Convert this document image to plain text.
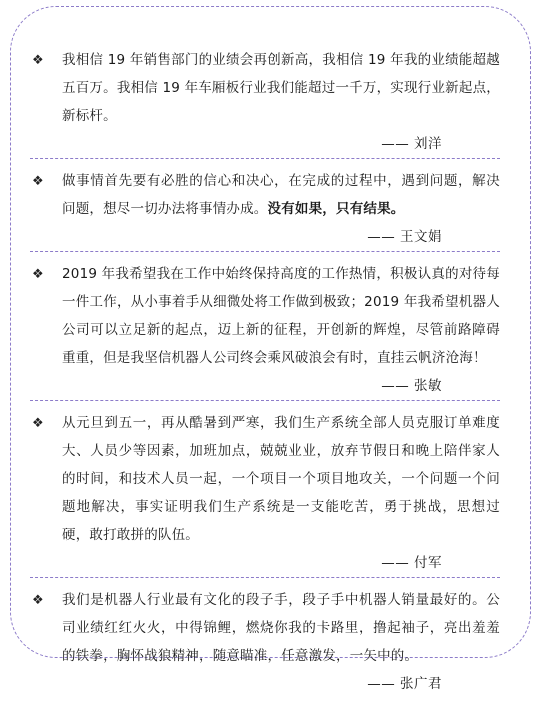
❖ 我相信 19 年销售部门的业绩会再创新高，我相信 19 年我的业绩能超越五百万。我相信 19 年车厢板行业我们能超过一千万，实现行业新起点，新标杆。
—— 刘洋
❖ 做事情首先要有必胜的信心和决心，在完成的过程中，遇到问题，解决问题，想尽一切办法将事情办成。没有如果，只有结果。
—— 王文娟
❖ 2019 年我希望我在工作中始终保持高度的工作热情，积极认真的对待每一件工作，从小事着手从细微处将工作做到极致；2019 年我希望机器人公司可以立足新的起点，迈上新的征程，开创新的辉煌，尽管前路障碍重重，但是我坚信机器人公司终会乘风破浪会有时，直挂云帆济沧海！
—— 张敏
❖ 从元旦到五一，再从酷暑到严寒，我们生产系统全部人员克服订单难度大、人员少等因素，加班加点，兢兢业业，放弃节假日和晚上陪伴家人的时间，和技术人员一起，一个项目一个项目地攻关，一个问题一个问题地解决，事实证明我们生产系统是一支能吃苦，勇于挑战，思想过硬，敢打敢拼的队伍。
—— 付军
❖ 我们是机器人行业最有文化的段子手，段子手中机器人销量最好的。公司业绩红红火火，中得锦鲤，燃烧你我的卡路里，撸起袖子，亮出羞羞的铁拳，胸怀战狼精神，随意瞄准，任意激发，一矢中的。
—— 张广君
